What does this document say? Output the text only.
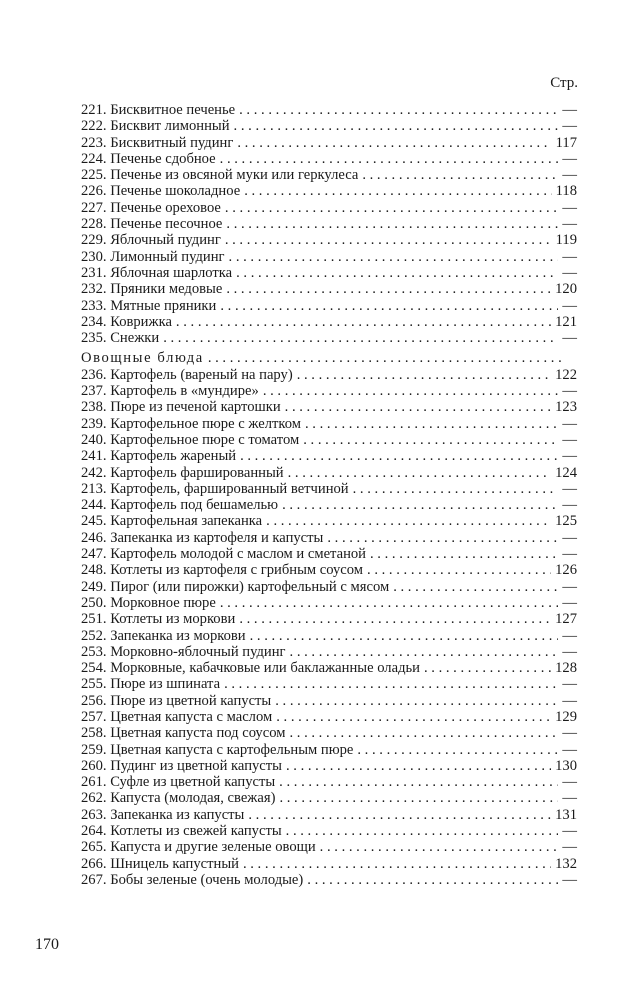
Стр.
221. Бисквитное печенье . . .	—
222. Бисквит лимонный . . .	—
223. Бисквитный пудинг . . .	117
224. Печенье сдобное . . .	—
225. Печенье из овсяной муки или геркулеса . . .	—
226. Печенье шоколадное . . .	118
227. Печенье ореховое . . .	—
228. Печенье песочное . . .	—
229. Яблочный пудинг . . .	119
230. Лимонный пудинг . . .	—
231. Яблочная шарлотка . . .	—
232. Пряники медовые . . .	120
233. Мятные пряники . . .	—
234. Коврижка . . .	121
235. Снежки . . .	—
Овощные блюда
. . .
236. Картофель (вареный на пару) . . .	122
237. Картофель в «мундире» . . .	—
238. Пюре из печеной картошки . . .	123
239. Картофельное пюре с желтком . . .	—
240. Картофельное пюре с томатом . . .	—
241. Картофель жареный . . .	—
242. Картофель фаршированный . . .	124
213. Картофель, фаршированный ветчиной . . .	—
244. Картофель под бешамелью . . .	—
245. Картофельная запеканка . . .	125
246. Запеканка из картофеля и капусты . . .	—
247. Картофель молодой с маслом и сметаной . . .	—
248. Котлеты из картофеля с грибным соусом . . .	126
249. Пирог (или пирожки) картофельный с мясом . . .	—
250. Морковное пюре . . .	—
251. Котлеты из моркови . . .	127
252. Запеканка из моркови . . .	—
253. Морковно-яблочный пудинг . . .	—
254. Морковные, кабачковые или баклажанные оладьи . . .	128
255. Пюре из шпината . . .	—
256. Пюре из цветной капусты . . .	—
257. Цветная капуста с маслом . . .	129
258. Цветная капуста под соусом . . .	—
259. Цветная капуста с картофельным пюре . . .	—
260. Пудинг из цветной капусты . . .	130
261. Суфле из цветной капусты . . .	—
262. Капуста (молодая, свежая) . . .	—
263. Запеканка из капусты . . .	131
264. Котлеты из свежей капусты . . .	—
265. Капуста и другие зеленые овощи . . .	—
266. Шницель капустный . . .	132
267. Бобы зеленые (очень молодые) . . .	—
170
